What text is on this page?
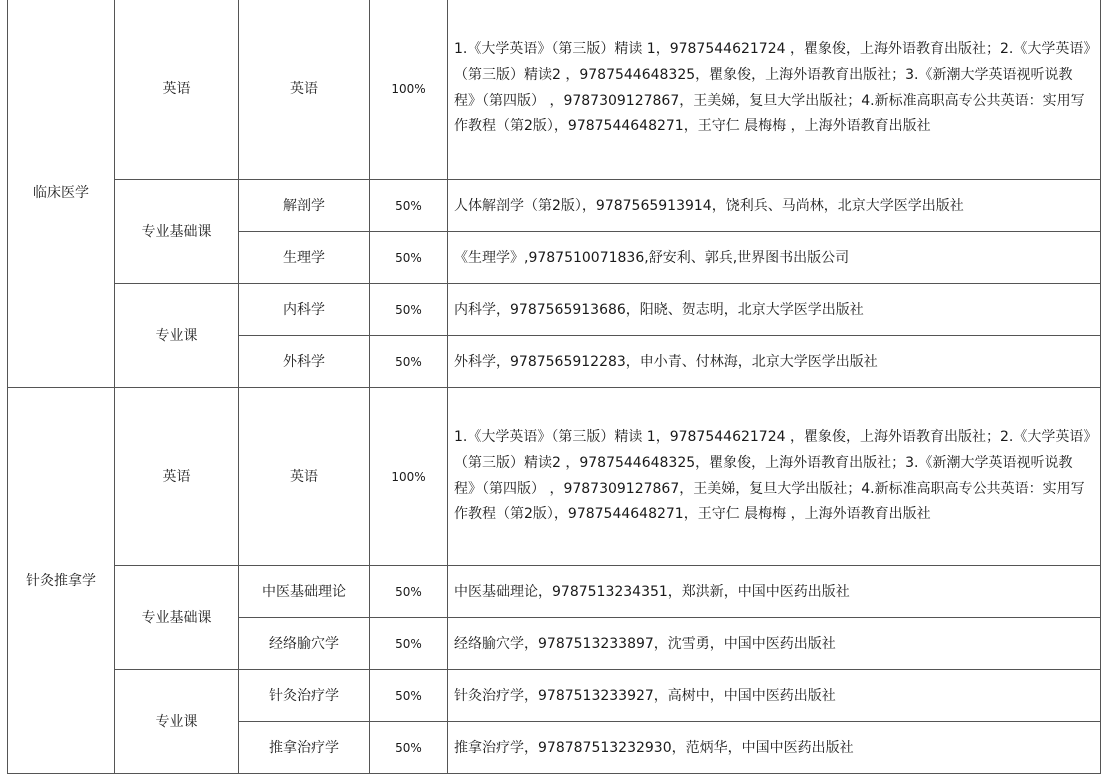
临床医学	英语	英语	100%	1.《大学英语》（第三版）精读 1，9787544621724 ，瞿象俊，上海外语教育出版社；2.《大学英语》（第三版）精读2 ，9787544648325，瞿象俊，上海外语教育出版社；3.《新潮大学英语视听说教程》（第四版） ，9787309127867，王美娣，复旦大学出版社；4.新标准高职高专公共英语：实用写作教程（第2版），9787544648271，王守仁 晨梅梅 ，上海外语教育出版社
	专业基础课	解剖学	50%	人体解剖学（第2版），9787565913914，饶利兵、马尚林，北京大学医学出版社
		生理学	50%	《生理学》,9787510071836,舒安利、郭兵,世界图书出版公司
	专业课	内科学	50%	内科学，9787565913686，阳晓、贺志明，北京大学医学出版社
		外科学	50%	外科学，9787565912283，申小青、付林海，北京大学医学出版社
针灸推拿学	英语	英语	100%	1.《大学英语》（第三版）精读 1，9787544621724 ，瞿象俊，上海外语教育出版社；2.《大学英语》（第三版）精读2 ，9787544648325，瞿象俊，上海外语教育出版社；3.《新潮大学英语视听说教程》（第四版） ，9787309127867，王美娣，复旦大学出版社；4.新标准高职高专公共英语：实用写作教程（第2版），9787544648271，王守仁 晨梅梅 ，上海外语教育出版社
	专业基础课	中医基础理论	50%	中医基础理论，9787513234351，郑洪新，中国中医药出版社
		经络腧穴学	50%	经络腧穴学，9787513233897，沈雪勇，中国中医药出版社
	专业课	针灸治疗学	50%	针灸治疗学，9787513233927，高树中，中国中医药出版社
		推拿治疗学	50%	推拿治疗学，978787513232930，范炳华，中国中医药出版社
